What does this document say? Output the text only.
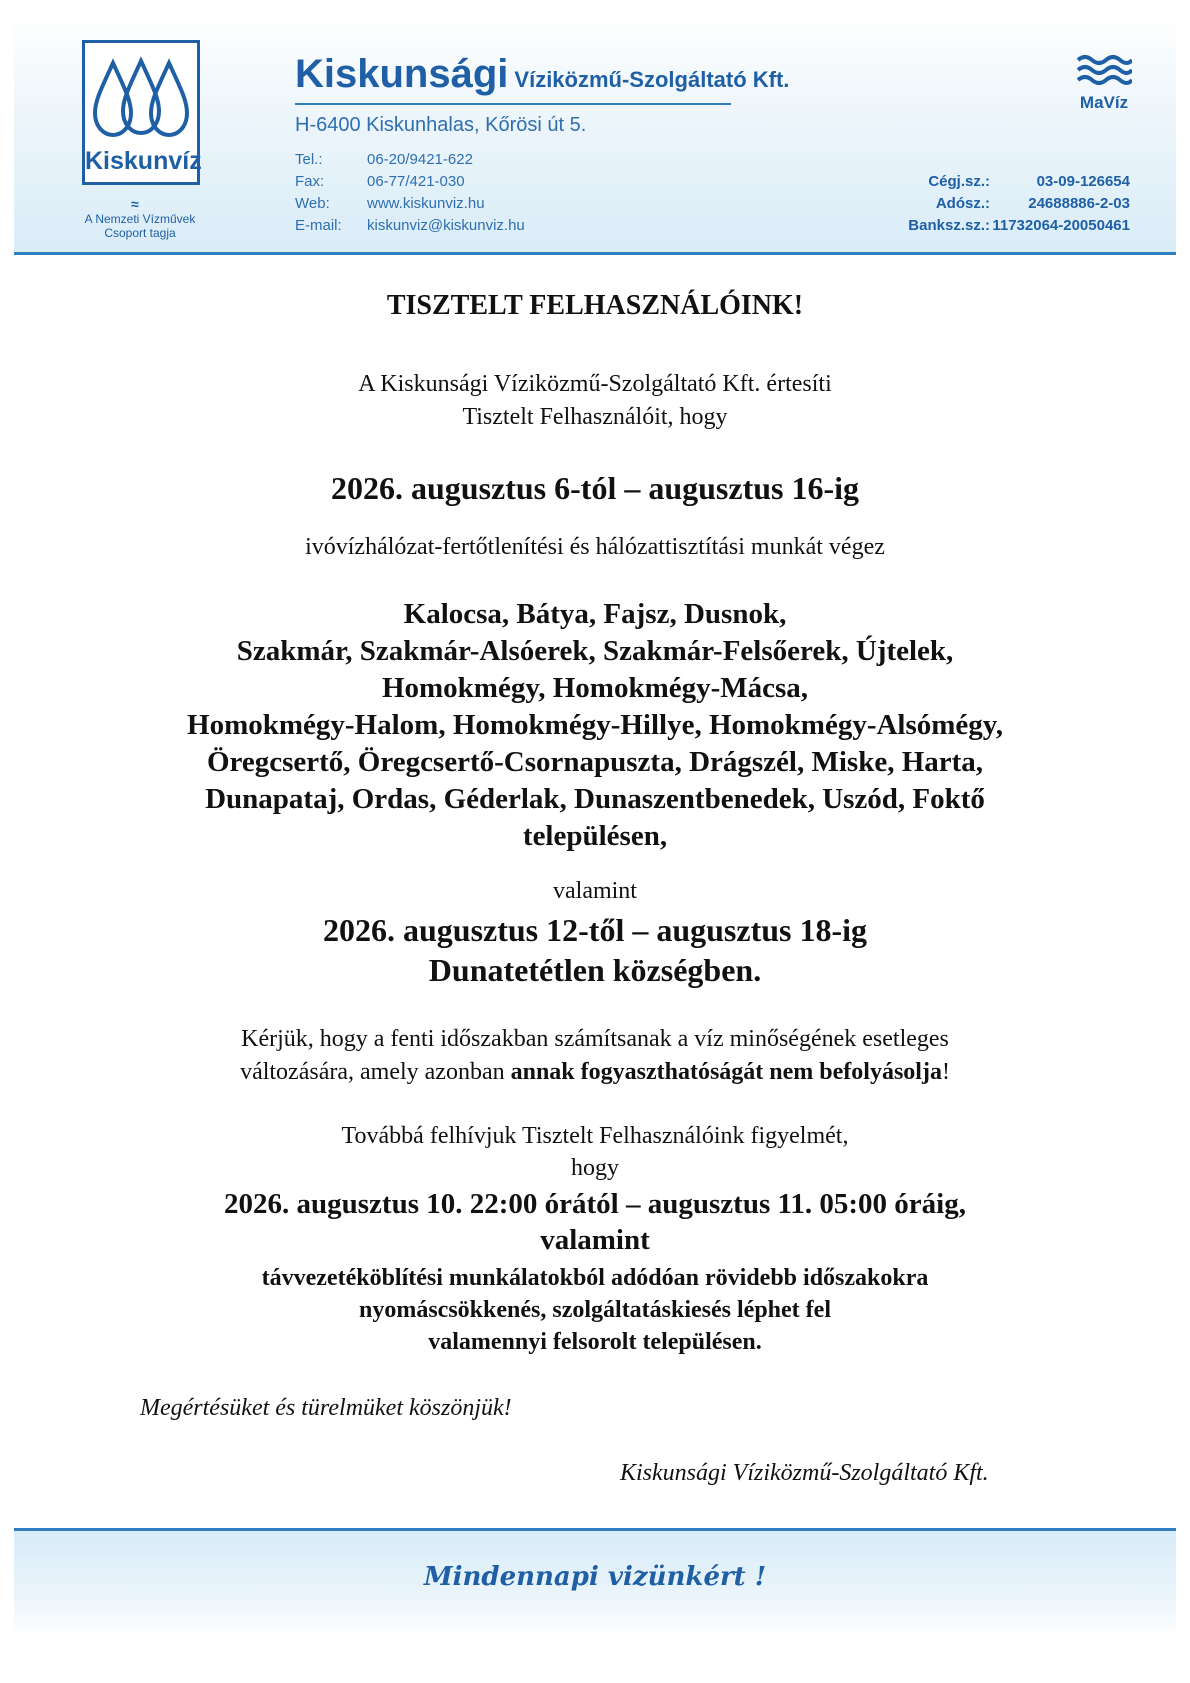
Kiskunvíz
≈
A Nemzeti Vízművek
Csoport tagja
Kiskunsági Víziközmű-Szolgáltató Kft.
H-6400 Kiskunhalas, Kőrösi út 5.
Tel.:	06-20/9421-622
Fax:	06-77/421-030
Web: www.kiskunviz.hu
E-mail: kiskunviz@kiskunviz.hu
MaVíz
Cégj.sz.:	03-09-126654
Adósz.:	24688886-2-03
Banksz.sz.: 11732064-20050461
TISZTELT FELHASZNÁLÓINK!
A Kiskunsági Víziközmű-Szolgáltató Kft. értesíti
Tisztelt Felhasználóit, hogy
2026. augusztus 6-tól – augusztus 16-ig
ivóvízhálózat-fertőtlenítési és hálózattisztítási munkát végez
Kalocsa, Bátya, Fajsz, Dusnok,
Szakmár, Szakmár-Alsóerek, Szakmár-Felsőerek, Újtelek,
Homokmégy, Homokmégy-Mácsa,
Homokmégy-Halom, Homokmégy-Hillye, Homokmégy-Alsómégy,
Öregcsertő, Öregcsertő-Csornapuszta, Drágszél, Miske, Harta,
Dunapataj, Ordas, Géderlak, Dunaszentbenedek, Uszód, Foktő
településen,
valamint
2026. augusztus 12-től – augusztus 18-ig
Dunatetétlen községben.
Kérjük, hogy a fenti időszakban számítsanak a víz minőségének esetleges
változására, amely azonban annak fogyaszthatóságát nem befolyásolja!
Továbbá felhívjuk Tisztelt Felhasználóink figyelmét,
hogy
2026. augusztus 10. 22:00 órától – augusztus 11. 05:00 óráig,
valamint
távvezetéköblítési munkálatokból adódóan rövidebb időszakokra
nyomáscsökkenés, szolgáltatáskiesés léphet fel
valamennyi felsorolt településen.
Megértésüket és türelmüket köszönjük!
Kiskunsági Víziközmű-Szolgáltató Kft.
Mindennapi vizünkért !
